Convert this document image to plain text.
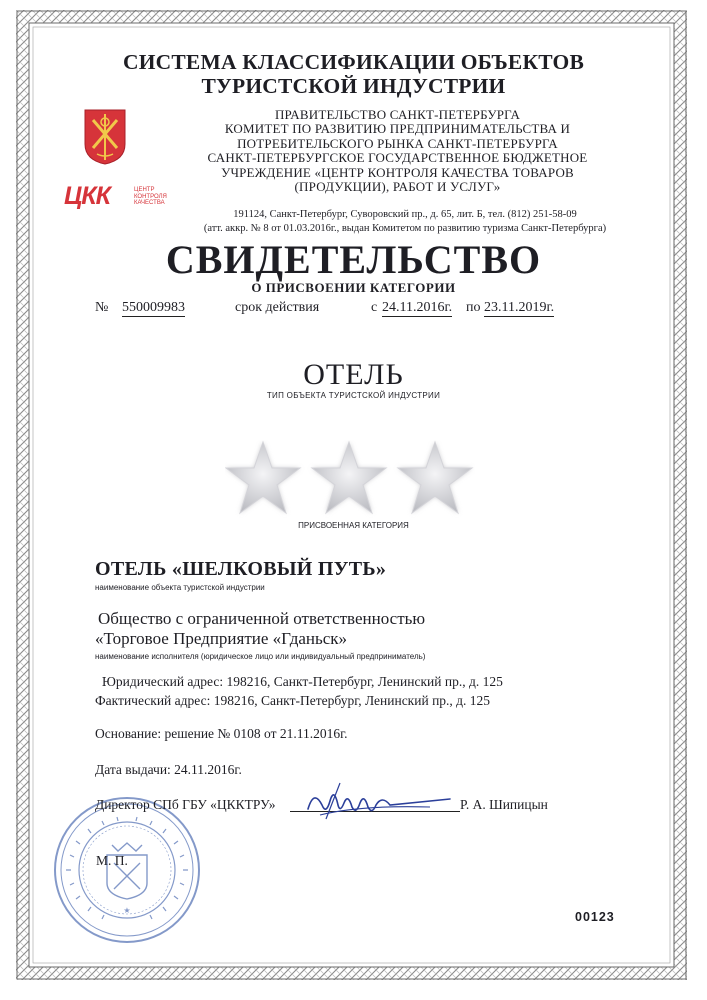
СИСТЕМА КЛАССИФИКАЦИИ ОБЪЕКТОВ
ТУРИСТСКОЙ ИНДУСТРИИ
ЦКК	ЦЕНТР
КОНТРОЛЯ
КАЧЕСТВА
ПРАВИТЕЛЬСТВО САНКТ-ПЕТЕРБУРГА
КОМИТЕТ ПО РАЗВИТИЮ ПРЕДПРИНИМАТЕЛЬСТВА И
ПОТРЕБИТЕЛЬСКОГО РЫНКА САНКТ-ПЕТЕРБУРГА
САНКТ-ПЕТЕРБУРГСКОЕ ГОСУДАРСТВЕННОЕ БЮДЖЕТНОЕ
УЧРЕЖДЕНИЕ «ЦЕНТР КОНТРОЛЯ КАЧЕСТВА ТОВАРОВ
(ПРОДУКЦИИ), РАБОТ И УСЛУГ»
191124, Санкт-Петербург, Суворовский пр., д. 65, лит. Б, тел. (812) 251-58-09
(атт. аккр. № 8 от 01.03.2016г., выдан Комитетом по развитию туризма Санкт-Петербурга)
СВИДЕТЕЛЬСТВО
О ПРИСВОЕНИИ КАТЕГОРИИ
№ 550009983	срок действия	с 24.11.2016г. по 23.11.2019г.
ОТЕЛЬ
ТИП ОБЪЕКТА ТУРИСТСКОЙ ИНДУСТРИИ
ПРИСВОЕННАЯ КАТЕГОРИЯ
ОТЕЛЬ «ШЕЛКОВЫЙ ПУТЬ»
наименование объекта туристской индустрии
Общество с ограниченной ответственностью
«Торговое Предприятие «Гданьск»
наименование исполнителя (юридическое лицо или индивидуальный предприниматель)
Юридический адрес: 198216, Санкт-Петербург, Ленинский пр., д. 125
Фактический адрес: 198216, Санкт-Петербург, Ленинский пр., д. 125
Основание: решение № 0108 от 21.11.2016г.
Дата выдачи: 24.11.2016г.
★
Директор СПб ГБУ «ЦККТРУ»	Р. А. Шипицын
М. П.
00123
